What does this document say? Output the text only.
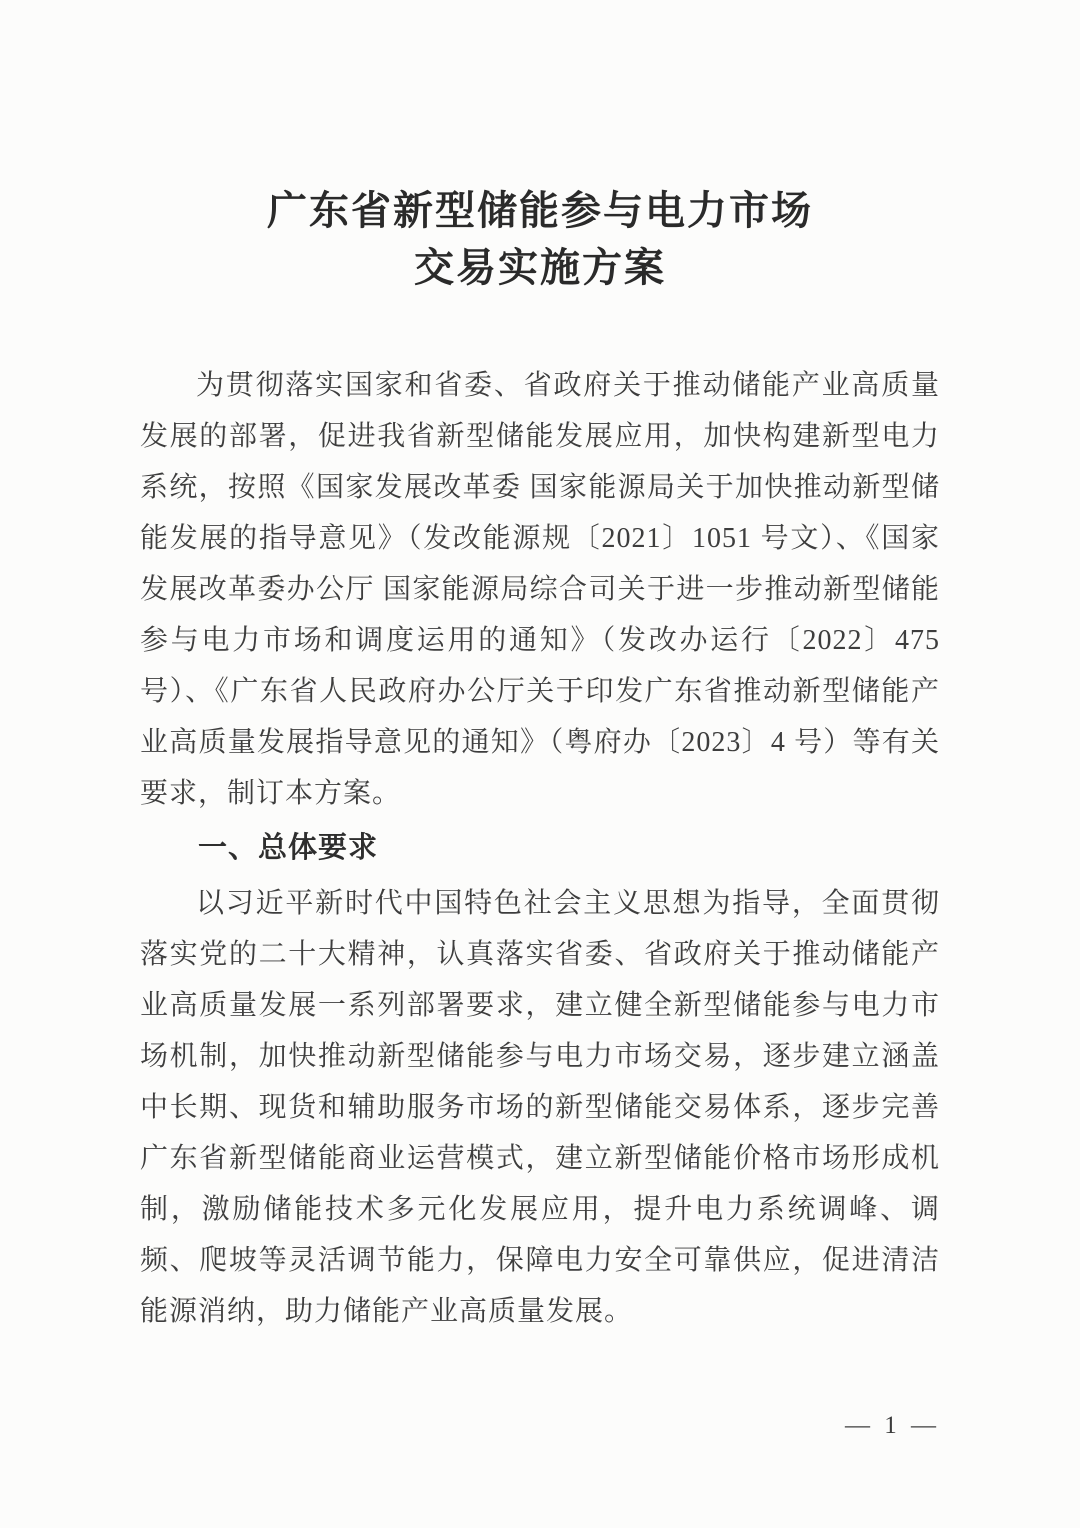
广东省新型储能参与电力市场
交易实施方案

为贯彻落实国家和省委、省政府关于推动储能产业高质量发展的部署，促进我省新型储能发展应用，加快构建新型电力系统，按照《国家发展改革委 国家能源局关于加快推动新型储能发展的指导意见》（发改能源规〔2021〕1051 号文）、《国家发展改革委办公厅 国家能源局综合司关于进一步推动新型储能参与电力市场和调度运用的通知》（发改办运行〔2022〕475 号）、《广东省人民政府办公厅关于印发广东省推动新型储能产业高质量发展指导意见的通知》（粤府办〔2023〕4 号）等有关要求，制订本方案。

一、总体要求

以习近平新时代中国特色社会主义思想为指导，全面贯彻落实党的二十大精神，认真落实省委、省政府关于推动储能产业高质量发展一系列部署要求，建立健全新型储能参与电力市场机制，加快推动新型储能参与电力市场交易，逐步建立涵盖中长期、现货和辅助服务市场的新型储能交易体系，逐步完善广东省新型储能商业运营模式，建立新型储能价格市场形成机制，激励储能技术多元化发展应用，提升电力系统调峰、调频、爬坡等灵活调节能力，保障电力安全可靠供应，促进清洁能源消纳，助力储能产业高质量发展。

— 1 —
